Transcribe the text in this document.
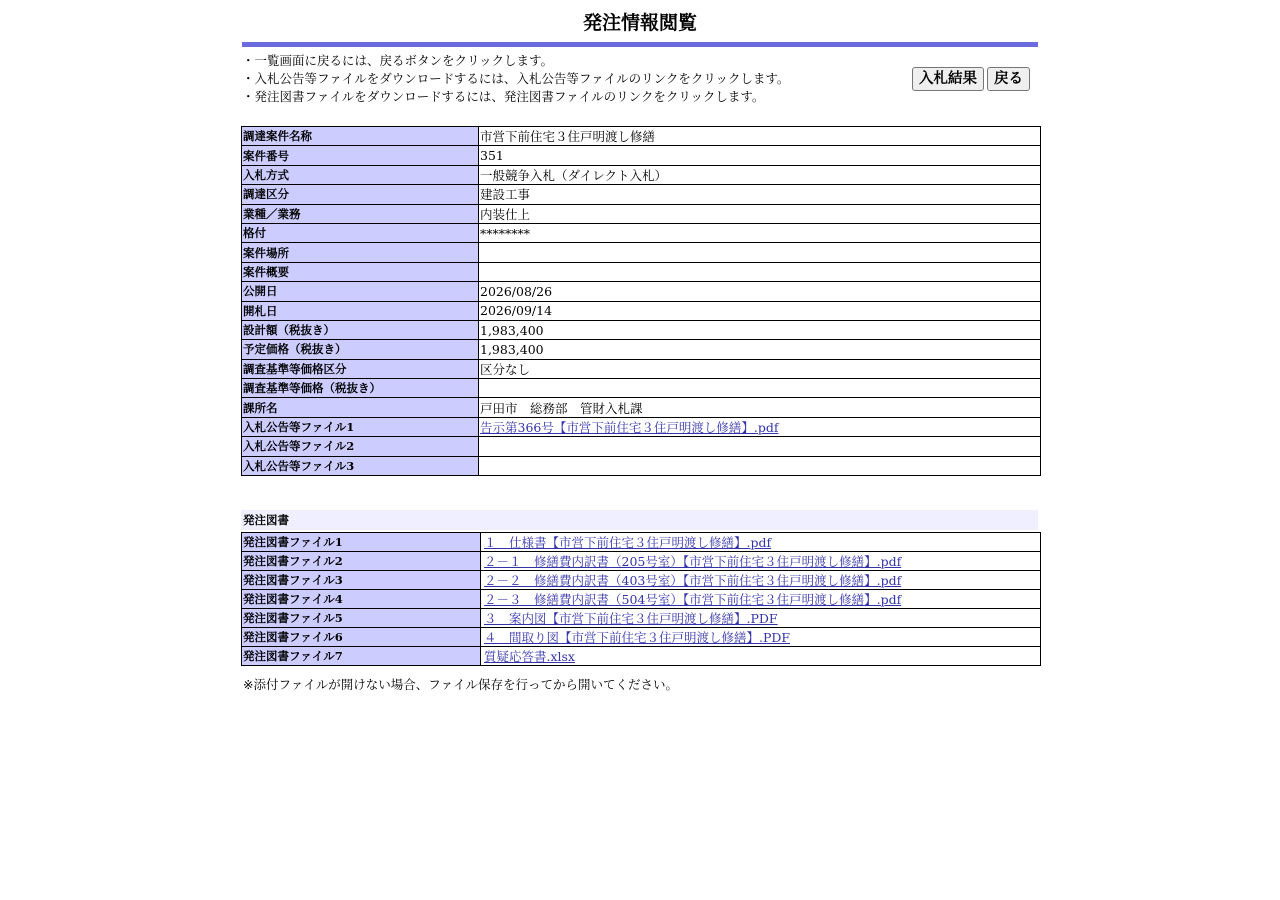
発注情報閲覧
・一覧画面に戻るには、戻るボタンをクリックします。
・入札公告等ファイルをダウンロードするには、入札公告等ファイルのリンクをクリックします。
・発注図書ファイルをダウンロードするには、発注図書ファイルのリンクをクリックします。
入札結果	戻る
調達案件名称	市営下前住宅３住戸明渡し修繕
案件番号	351
入札方式	一般競争入札（ダイレクト入札）
調達区分	建設工事
業種／業務	内装仕上
格付	********
案件場所	
案件概要	
公開日	2026/08/26
開札日	2026/09/14
設計額（税抜き）	1,983,400
予定価格（税抜き）	1,983,400
調査基準等価格区分	区分なし
調査基準等価格（税抜き）	
課所名	戸田市　総務部　管財入札課
入札公告等ファイル1	告示第366号【市営下前住宅３住戸明渡し修繕】.pdf
入札公告等ファイル2	
入札公告等ファイル3	
発注図書
発注図書ファイル1	１　仕様書【市営下前住宅３住戸明渡し修繕】.pdf
発注図書ファイル2	２－１　修繕費内訳書（205号室）【市営下前住宅３住戸明渡し修繕】.pdf
発注図書ファイル3	２－２　修繕費内訳書（403号室）【市営下前住宅３住戸明渡し修繕】.pdf
発注図書ファイル4	２－３　修繕費内訳書（504号室）【市営下前住宅３住戸明渡し修繕】.pdf
発注図書ファイル5	３　案内図【市営下前住宅３住戸明渡し修繕】.PDF
発注図書ファイル6	４　間取り図【市営下前住宅３住戸明渡し修繕】.PDF
発注図書ファイル7	質疑応答書.xlsx
※添付ファイルが開けない場合、ファイル保存を行ってから開いてください。
